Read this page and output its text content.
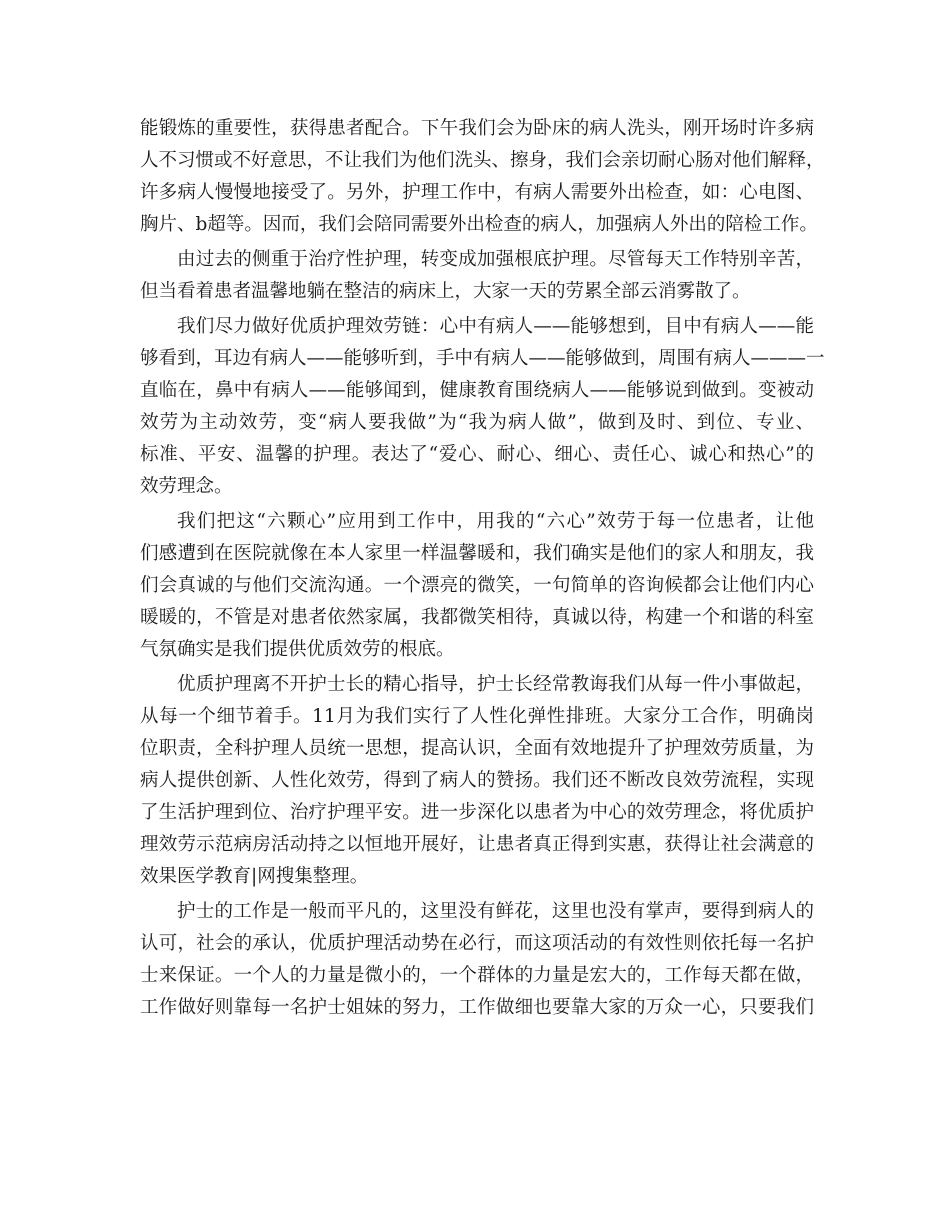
能锻炼的重要性，获得患者配合。下午我们会为卧床的病人洗头，刚开场时许多病
人不习惯或不好意思，不让我们为他们洗头、擦身，我们会亲切耐心肠对他们解释，
许多病人慢慢地接受了。另外，护理工作中，有病人需要外出检查，如：心电图、
胸片、b超等。因而，我们会陪同需要外出检查的病人，加强病人外出的陪检工作。
由过去的侧重于治疗性护理，转变成加强根底护理。尽管每天工作特别辛苦，
但当看着患者温馨地躺在整洁的病床上，大家一天的劳累全部云消雾散了。
我们尽力做好优质护理效劳链：心中有病人——能够想到，目中有病人——能
够看到，耳边有病人——能够听到，手中有病人——能够做到，周围有病人———一
直临在，鼻中有病人——能够闻到，健康教育围绕病人——能够说到做到。变被动
效劳为主动效劳，变“病人要我做”为“我为病人做”，做到及时、到位、专业、
标准、平安、温馨的护理。表达了“爱心、耐心、细心、责任心、诚心和热心”的
效劳理念。
我们把这“六颗心”应用到工作中，用我的“六心”效劳于每一位患者，让他
们感遭到在医院就像在本人家里一样温馨暖和，我们确实是他们的家人和朋友，我
们会真诚的与他们交流沟通。一个漂亮的微笑，一句简单的咨询候都会让他们内心
暖暖的，不管是对患者依然家属，我都微笑相待，真诚以待，构建一个和谐的科室
气氛确实是我们提供优质效劳的根底。
优质护理离不开护士长的精心指导，护士长经常教诲我们从每一件小事做起，
从每一个细节着手。11月为我们实行了人性化弹性排班。大家分工合作，明确岗
位职责，全科护理人员统一思想，提高认识，全面有效地提升了护理效劳质量，为
病人提供创新、人性化效劳，得到了病人的赞扬。我们还不断改良效劳流程，实现
了生活护理到位、治疗护理平安。进一步深化以患者为中心的效劳理念，将优质护
理效劳示范病房活动持之以恒地开展好，让患者真正得到实惠，获得让社会满意的
效果医学教育|网搜集整理。
护士的工作是一般而平凡的，这里没有鲜花，这里也没有掌声，要得到病人的
认可，社会的承认，优质护理活动势在必行，而这项活动的有效性则依托每一名护
士来保证。一个人的力量是微小的，一个群体的力量是宏大的，工作每天都在做，
工作做好则靠每一名护士姐妹的努力，工作做细也要靠大家的万众一心，只要我们
